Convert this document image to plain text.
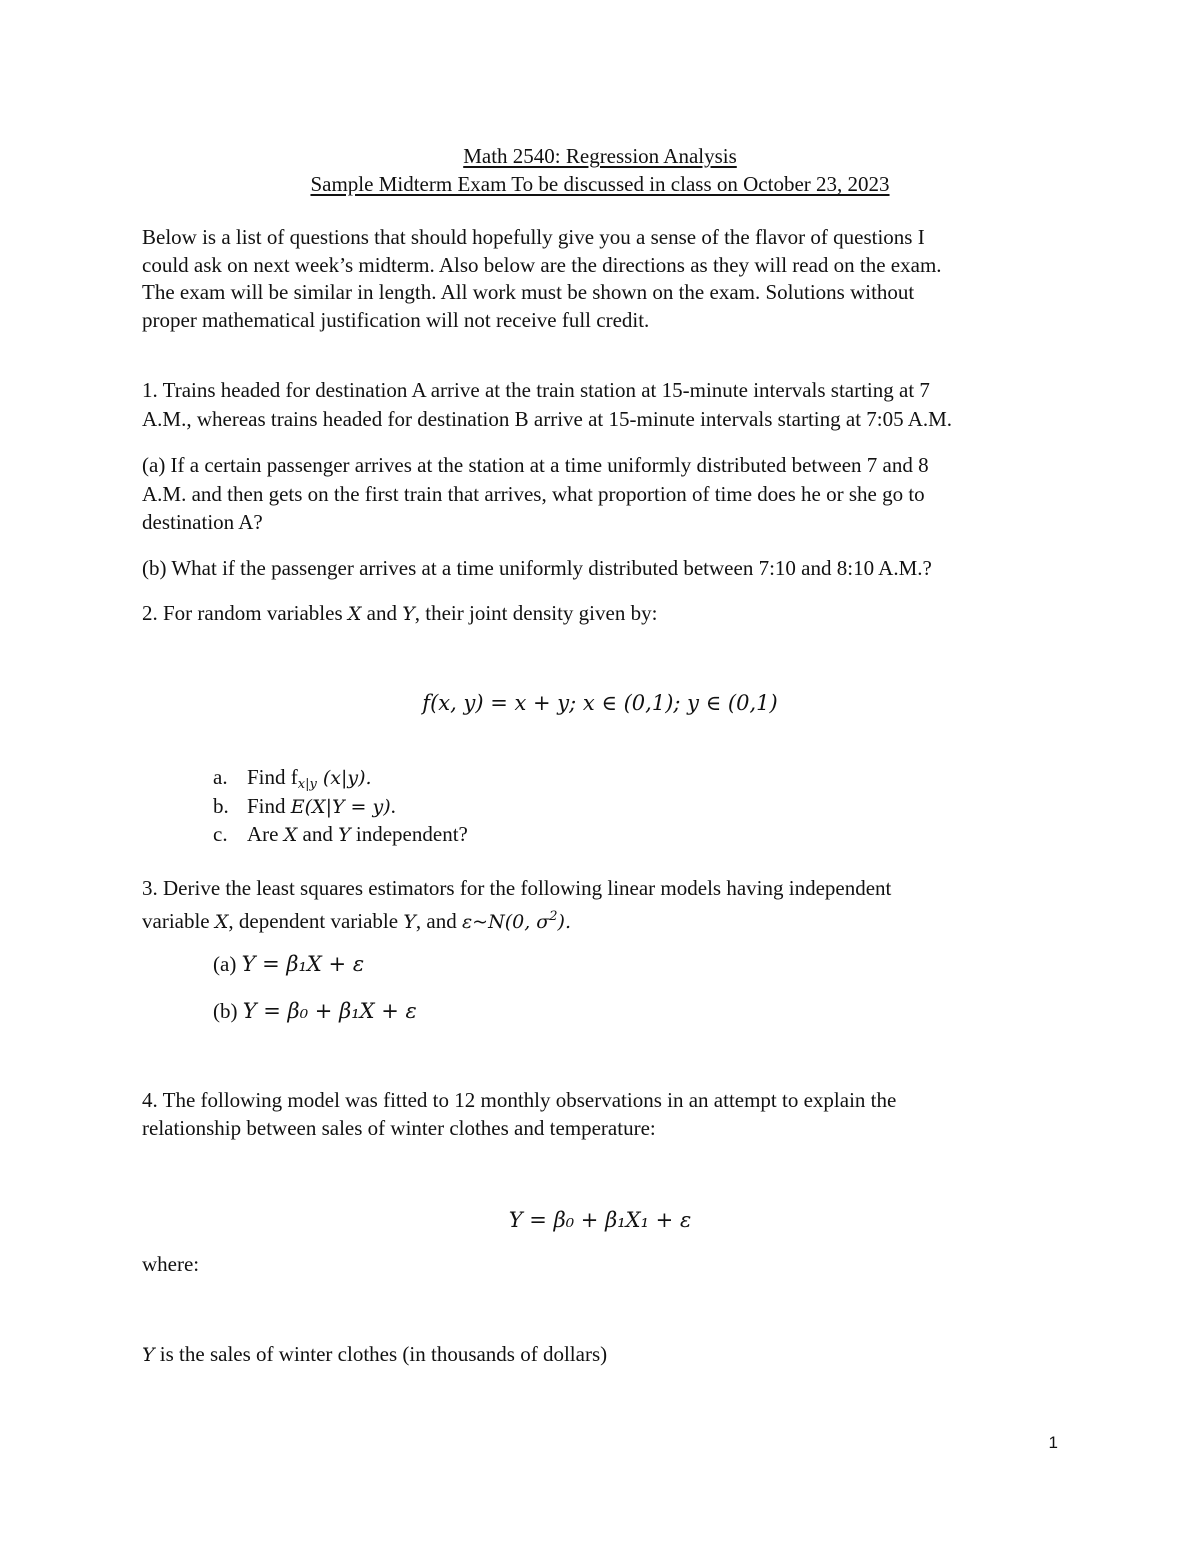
Math 2540: Regression Analysis
Sample Midterm Exam To be discussed in class on October 23, 2023
Below is a list of questions that should hopefully give you a sense of the flavor of questions I
could ask on next week’s midterm. Also below are the directions as they will read on the exam.
The exam will be similar in length. All work must be shown on the exam. Solutions without
proper mathematical justification will not receive full credit.
1. Trains headed for destination A arrive at the train station at 15-minute intervals starting at 7
A.M., whereas trains headed for destination B arrive at 15-minute intervals starting at 7:05 A.M.
(a) If a certain passenger arrives at the station at a time uniformly distributed between 7 and 8
A.M. and then gets on the first train that arrives, what proportion of time does he or she go to
destination A?
(b) What if the passenger arrives at a time uniformly distributed between 7:10 and 8:10 A.M.?
2. For random variables X and Y, their joint density given by:
f(x, y) = x + y; x ∈ (0,1); y ∈ (0,1)
a. Find $f_{x|y}$ (x|y).
b. Find E(X|Y = y).
c. Are X and Y independent?
3. Derive the least squares estimators for the following linear models having independent
variable X, dependent variable Y, and ε~N(0, $\sigma^2$).
(a) Y = β₁X + ε
(b) Y = β₀ + β₁X + ε
4. The following model was fitted to 12 monthly observations in an attempt to explain the
relationship between sales of winter clothes and temperature:
Y = β₀ + β₁X₁ + ε
where:
Y is the sales of winter clothes (in thousands of dollars)
1
